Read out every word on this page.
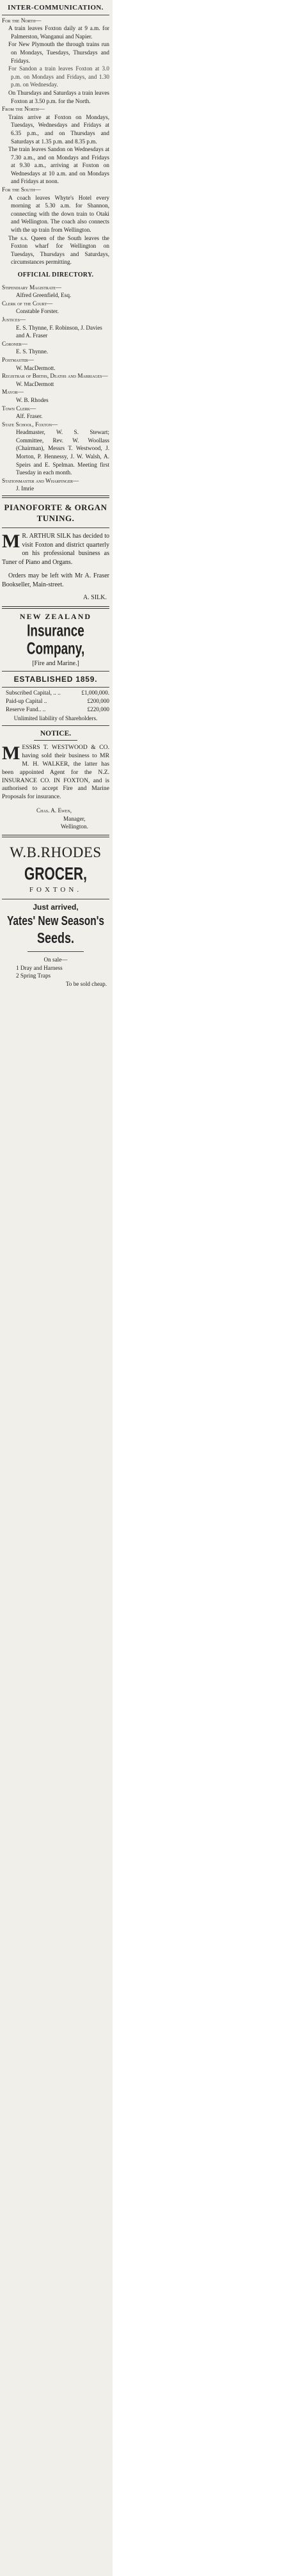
INTER-COMMUNICATION.

For the North—

A train leaves Foxton daily at 9 a.m. for Palmerston, Wanganui and Napier.

For New Plymouth the through trains run on Mondays, Tuesdays, Thursdays and Fridays.

For Sandon a train leaves Foxton at 3.0 p.m. on Mondays and Fridays, and 1.30 p.m. on Wednesday.

On Thursdays and Saturdays a train leaves Foxton at 3.50 p.m. for the North.

From the North—

Trains arrive at Foxton on Mondays, Tuesdays, Wednesdays and Fridays at 6.35 p.m., and on Thursdays and Saturdays at 1.35 p.m. and 8.35 p.m.

The train leaves Sandon on Wednesdays at 7.30 a.m., and on Mondays and Fridays at 9.30 a.m., arriving at Foxton on Wednesdays at 10 a.m. and on Mondays and Fridays at noon.

For the South—

A coach leaves Whyte's Hotel every morning at 5.30 a.m. for Shannon, connecting with the down train to Otaki and Wellington. The coach also connects with the up train from Wellington.

The s.s. Queen of the South leaves the Foxton wharf for Wellington on Tuesdays, Thursdays and Saturdays, circumstances permitting.

OFFICIAL DIRECTORY.

Stipendiary Magistrate—

Alfred Greenfield, Esq.

Clerk of the Court—

Constable Forster.

Justices—

E. S. Thynne, F. Robinson, J. Davies and A. Fraser

Coroner—

E. S. Thynne.

Postmaster—

W. MacDermott.

Registrar of Births, Deaths and Marriages—

W. MacDermott

Mayor—

W. B. Rhodes

Town Clerk—

Alf. Fraser.

State School, Foxton—

Headmaster, W. S. Stewart; Committee, Rev. W. Woollass (Chairman), Messrs T. Westwood, J. Morton, P. Hennessy, J. W. Walsh, A. Speirs and E. Spelman. Meeting first Tuesday in each month.

Stationmaster and Wharfinger—

J. Imrie

PIANOFORTE & ORGAN TUNING.

M R. ARTHUR SILK has decided to visit Foxton and district quarterly on his professional business as Tuner of Piano and Organs.

Orders may be left with Mr A. Fraser Bookseller, Main-street.

A. SILK.

NEW ZEALAND
Insurance Company,
[Fire and Marine.]
ESTABLISHED 1859.
Subscribed Capital, .. ..	£1,000,000.
Paid-up Capital ..	£200,000
Reserve Fund.. ..	£220,000

Unlimited liability of Shareholders.

NOTICE.

MESSRS T. WESTWOOD & CO. having sold their business to MR M. H. WALKER, the latter has been appointed Agent for the N.Z. INSURANCE CO. IN FOXTON, and is authorised to accept Fire and Marine Proposals for insurance.

Chas. A. Ewen,

Manager,

Wellington.

W.B.RHODES
GROCER,
FOXTON.
Just arrived,
Yates' New Season's
Seeds.

On sale—

1 Dray and Harness

2 Spring Traps

To be sold cheap.
